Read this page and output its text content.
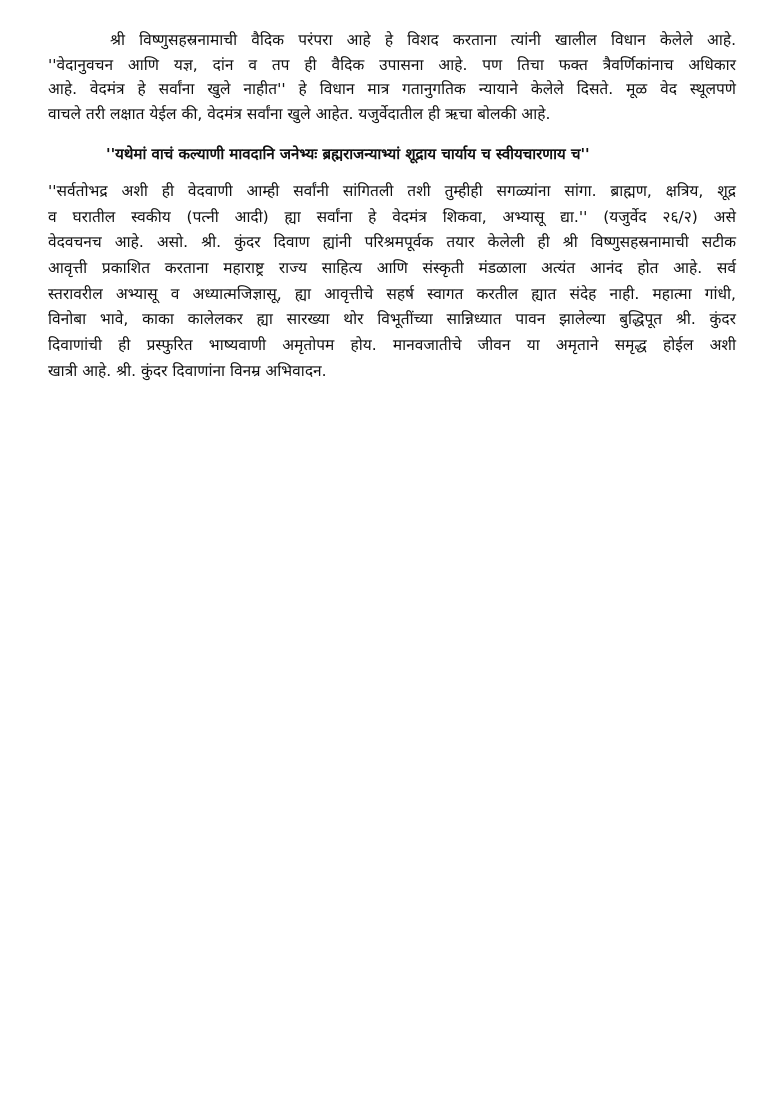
श्री विष्णुसहस्रनामाची वैदिक परंपरा आहे हे विशद करताना त्यांनी खालील विधान केलेले आहे.
''वेदानुवचन आणि यज्ञ, दांन व तप ही वैदिक उपासना आहे. पण तिचा फक्त त्रैवर्णिकांनाच अधिकार
आहे. वेदमंत्र हे सर्वांना खुले नाहीत'' हे विधान मात्र गतानुगतिक न्यायाने केलेले दिसते. मूळ वेद स्थूलपणे
वाचले तरी लक्षात येईल की, वेदमंत्र सर्वांना खुले आहेत. यजुर्वेदातील ही ऋचा बोलकी आहे.
''यथेमां वाचं कल्याणी मावदानि जनेभ्यः ब्रह्मराजन्याभ्यां शूद्राय चार्याय च स्वीयचारणाय च''
''सर्वतोभद्र अशी ही वेदवाणी आम्ही सर्वांनी सांगितली तशी तुम्हीही सगळ्यांना सांगा. ब्राह्मण, क्षत्रिय, शूद्र
व घरातील स्वकीय (पत्नी आदी) ह्या सर्वांना हे वेदमंत्र शिकवा, अभ्यासू द्या.'' (यजुर्वेद २६/२) असे
वेदवचनच आहे. असो. श्री. कुंदर दिवाण ह्यांनी परिश्रमपूर्वक तयार केलेली ही श्री विष्णुसहस्रनामाची सटीक
आवृत्ती प्रकाशित करताना महाराष्ट्र राज्य साहित्य आणि संस्कृती मंडळाला अत्यंत आनंद होत आहे. सर्व
स्तरावरील अभ्यासू व अध्यात्मजिज्ञासू, ह्या आवृत्तीचे सहर्ष स्वागत करतील ह्यात संदेह नाही. महात्मा गांधी,
विनोबा भावे, काका कालेलकर ह्या सारख्या थोर विभूतींच्या सान्निध्यात पावन झालेल्या बुद्धिपूत श्री. कुंदर
दिवाणांची ही प्रस्फुरित भाष्यवाणी अमृतोपम होय. मानवजातीचे जीवन या अमृताने समृद्ध होईल अशी
खात्री आहे. श्री. कुंदर दिवाणांना विनम्र अभिवादन.
